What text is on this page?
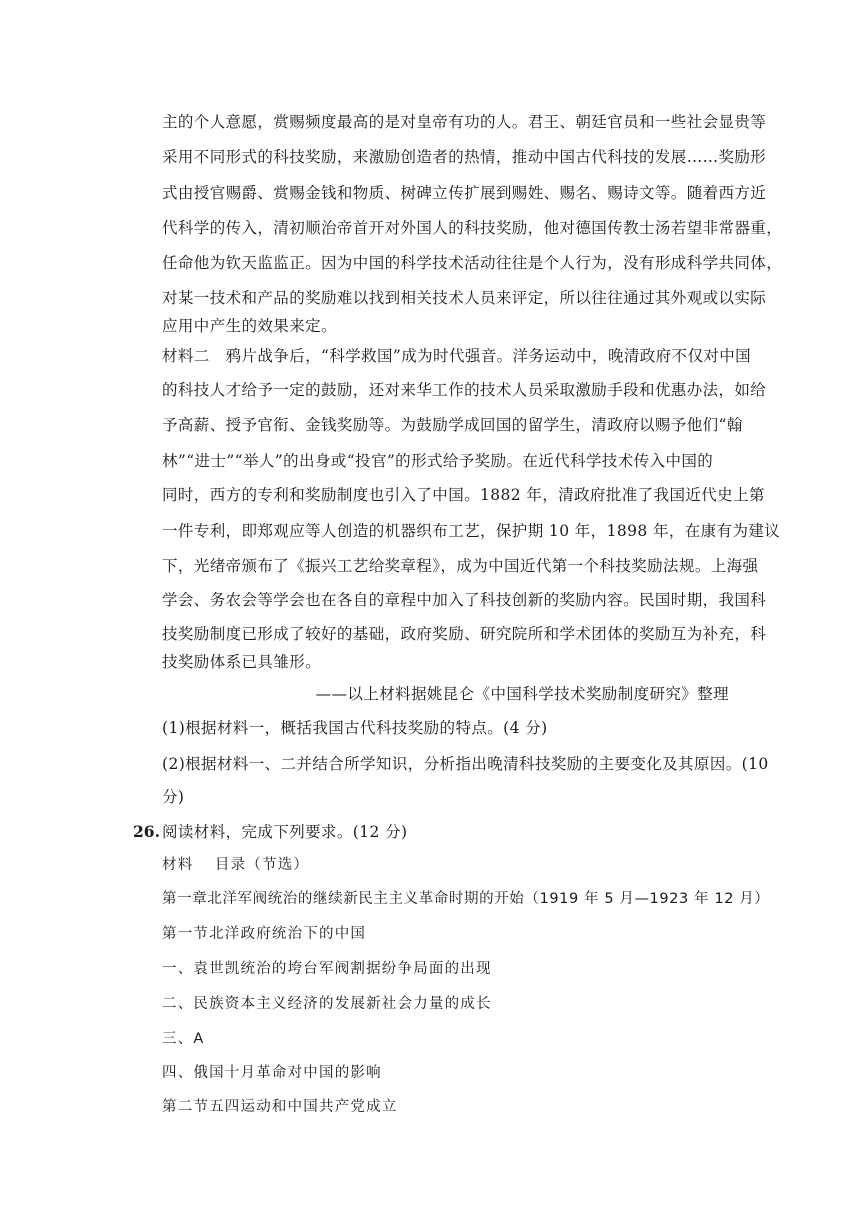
主的个人意愿，赏赐频度最高的是对皇帝有功的人。君王、朝廷官员和一些社会显贵等
采用不同形式的科技奖励，来激励创造者的热情，推动中国古代科技的发展……奖励形
式由授官赐爵、赏赐金钱和物质、树碑立传扩展到赐姓、赐名、赐诗文等。随着西方近
代科学的传入，清初顺治帝首开对外国人的科技奖励，他对德国传教士汤若望非常器重，
任命他为钦天监监正。因为中国的科学技术活动往往是个人行为，没有形成科学共同体，
对某一技术和产品的奖励难以找到相关技术人员来评定，所以往往通过其外观或以实际
应用中产生的效果来定。
材料二　鸦片战争后，“科学救国”成为时代强音。洋务运动中，晚清政府不仅对中国
的科技人才给予一定的鼓励，还对来华工作的技术人员采取激励手段和优惠办法，如给
予高薪、授予官衔、金钱奖励等。为鼓励学成回国的留学生，清政府以赐予他们“翰
林”“进士”“举人”的出身或“投官”的形式给予奖励。在近代科学技术传入中国的
同时，西方的专利和奖励制度也引入了中国。1882 年，清政府批准了我国近代史上第
一件专利，即郑观应等人创造的机器织布工艺，保护期 10 年，1898 年，在康有为建议
下，光绪帝颁布了《振兴工艺给奖章程》，成为中国近代第一个科技奖励法规。上海强
学会、务农会等学会也在各自的章程中加入了科技创新的奖励内容。民国时期，我国科
技奖励制度已形成了较好的基础，政府奖励、研究院所和学术团体的奖励互为补充，科
技奖励体系已具雏形。
——以上材料据姚昆仑《中国科学技术奖励制度研究》整理
(1)根据材料一，概括我国古代科技奖励的特点。(4 分)
(2)根据材料一、二并结合所学知识，分析指出晚清科技奖励的主要变化及其原因。(10
分)
26. 阅读材料，完成下列要求。(12 分)
材料　 目录（节选）
第一章北洋军阀统治的继续新民主主义革命时期的开始（1919 年 5 月—1923 年 12 月）
第一节北洋政府统治下的中国
一、袁世凯统治的垮台军阀割据纷争局面的出现
二、民族资本主义经济的发展新社会力量的成长
三、A
四、俄国十月革命对中国的影响
第二节五四运动和中国共产党成立
